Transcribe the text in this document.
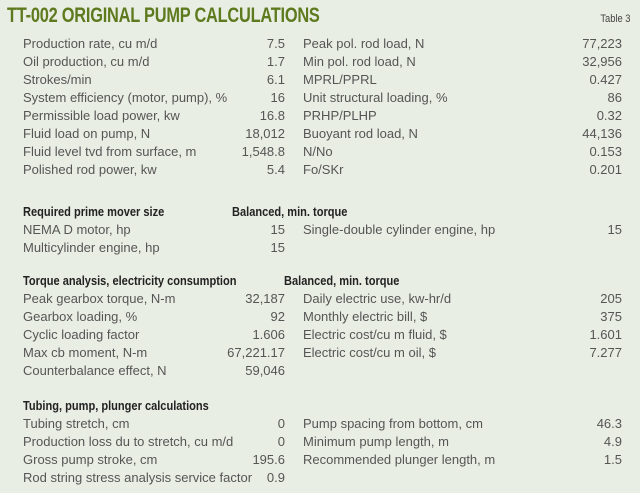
TT-002 ORIGINAL PUMP CALCULATIONS	Table 3
Production rate, cu m/d	7.5 Peak pol. rod load, N	77,223
Oil production, cu m/d	1.7 Min pol. rod load, N	32,956
Strokes/min	6.1 MPRL/PPRL	0.427
System efficiency (motor, pump), %	16 Unit structural loading, %	86
Permissible load power, kw	16.8 PRHP/PLHP	0.32
Fluid load on pump, N	18,012 Buoyant rod load, N	44,136
Fluid level tvd from surface, m	1,548.8 N/No	0.153
Polished rod power, kw	5.4 Fo/SKr	0.201
Required prime mover size	Balanced, min. torque
NEMA D motor, hp	15 Single-double cylinder engine, hp	15
Multicylinder engine, hp	15
Torque analysis, electricity consumption	Balanced, min. torque
Peak gearbox torque, N-m	32,187 Daily electric use, kw-hr/d	205
Gearbox loading, %	92 Monthly electric bill, $	375
Cyclic loading factor	1.606 Electric cost/cu m fluid, $	1.601
Max cb moment, N-m	67,221.17 Electric cost/cu m oil, $	7.277
Counterbalance effect, N	59,046
Tubing, pump, plunger calculations
Tubing stretch, cm	0 Pump spacing from bottom, cm	46.3
Production loss du to stretch, cu m/d	0 Minimum pump length, m	4.9
Gross pump stroke, cm	195.6 Recommended plunger length, m	1.5
Rod string stress analysis service factor 0.9
